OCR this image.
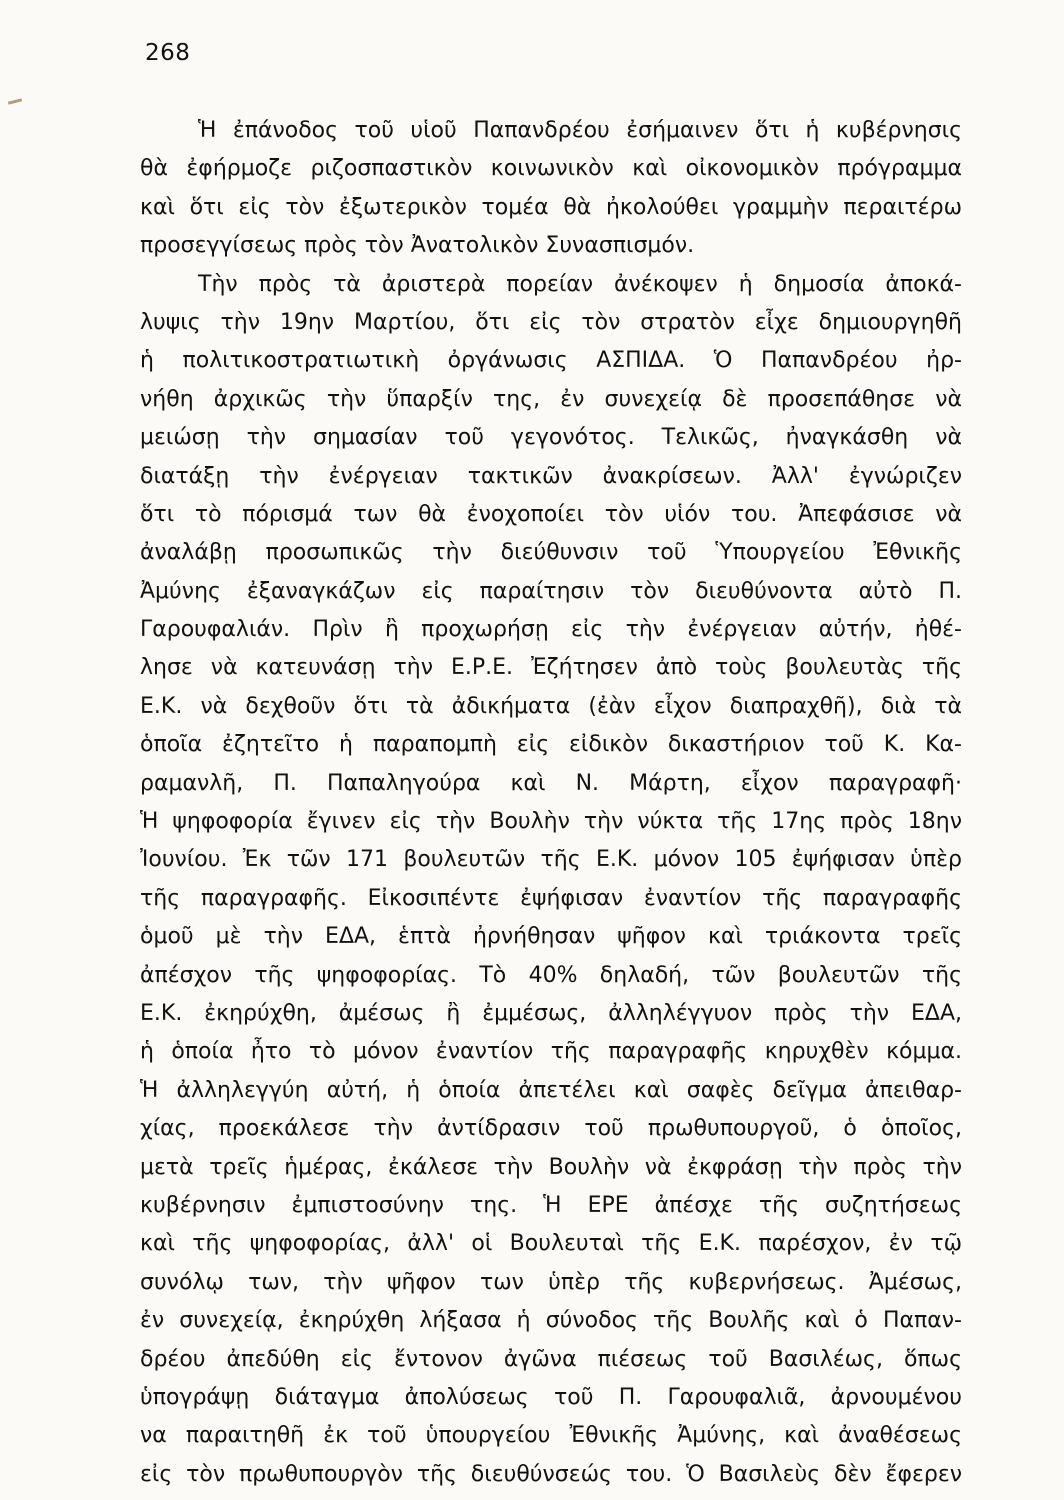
268
Ἡ ἐπάνοδος τοῦ υἱοῦ Παπανδρέου ἐσήμαινεν ὅτι ἡ κυβέρνησις
θὰ ἐφήρμοζε ριζοσπαστικὸν κοινωνικὸν καὶ οἰκονομικὸν πρόγραμμα
καὶ ὅτι εἰς τὸν ἐξωτερικὸν τομέα θὰ ἠκολούθει γραμμὴν περαιτέρω
προσεγγίσεως πρὸς τὸν Ἀνατολικὸν Συνασπισμόν.
Τὴν πρὸς τὰ ἀριστερὰ πορείαν ἀνέκοψεν ἡ δημοσία ἀποκά-
λυψις τὴν 19ην Μαρτίου, ὅτι εἰς τὸν στρατὸν εἶχε δημιουργηθῆ
ἡ πολιτικοστρατιωτικὴ ὀργάνωσις ΑΣΠΙΔΑ. Ὁ Παπανδρέου ἠρ-
νήθη ἀρχικῶς τὴν ὕπαρξίν της, ἐν συνεχείᾳ δὲ προσεπάθησε νὰ
μειώσῃ τὴν σημασίαν τοῦ γεγονότος. Τελικῶς, ἠναγκάσθη νὰ
διατάξῃ τὴν ἐνέργειαν τακτικῶν ἀνακρίσεων. Ἀλλ' ἐγνώριζεν
ὅτι τὸ πόρισμά των θὰ ἐνοχοποίει τὸν υἱόν του. Ἀπεφάσισε νὰ
ἀναλάβῃ προσωπικῶς τὴν διεύθυνσιν τοῦ Ὑπουργείου Ἐθνικῆς
Ἀμύνης ἐξαναγκάζων εἰς παραίτησιν τὸν διευθύνοντα αὐτὸ Π.
Γαρουφαλιάν. Πρὶν ἢ προχωρήσῃ εἰς τὴν ἐνέργειαν αὐτήν, ἠθέ-
λησε νὰ κατευνάσῃ τὴν Ε.Ρ.Ε. Ἐζήτησεν ἀπὸ τοὺς βουλευτὰς τῆς
Ε.Κ. νὰ δεχθοῦν ὅτι τὰ ἀδικήματα (ἐὰν εἶχον διαπραχθῆ), διὰ τὰ
ὁποῖα ἐζητεῖτο ἡ παραπομπὴ εἰς εἰδικὸν δικαστήριον τοῦ Κ. Κα-
ραμανλῆ, Π. Παπαληγούρα καὶ Ν. Μάρτη, εἶχον παραγραφῆ·
Ἡ ψηφοφορία ἔγινεν εἰς τὴν Βουλὴν τὴν νύκτα τῆς 17ης πρὸς 18ην
Ἰουνίου. Ἐκ τῶν 171 βουλευτῶν τῆς Ε.Κ. μόνον 105 ἐψήφισαν ὑπὲρ
τῆς παραγραφῆς. Εἰκοσιπέντε ἐψήφισαν ἐναντίον τῆς παραγραφῆς
ὁμοῦ μὲ τὴν ΕΔΑ, ἑπτὰ ἠρνήθησαν ψῆφον καὶ τριάκοντα τρεῖς
ἀπέσχον τῆς ψηφοφορίας. Τὸ 40% δηλαδή, τῶν βουλευτῶν τῆς
Ε.Κ. ἐκηρύχθη, ἀμέσως ἢ ἐμμέσως, ἀλληλέγγυον πρὸς τὴν ΕΔΑ,
ἡ ὁποία ἦτο τὸ μόνον ἐναντίον τῆς παραγραφῆς κηρυχθὲν κόμμα.
Ἡ ἀλληλεγγύη αὐτή, ἡ ὁποία ἀπετέλει καὶ σαφὲς δεῖγμα ἀπειθαρ-
χίας, προεκάλεσε τὴν ἀντίδρασιν τοῦ πρωθυπουργοῦ, ὁ ὁποῖος,
μετὰ τρεῖς ἡμέρας, ἐκάλεσε τὴν Βουλὴν νὰ ἐκφράσῃ τὴν πρὸς τὴν
κυβέρνησιν ἐμπιστοσύνην της. Ἡ ΕΡΕ ἀπέσχε τῆς συζητήσεως
καὶ τῆς ψηφοφορίας, ἀλλ' οἱ Βουλευταὶ τῆς Ε.Κ. παρέσχον, ἐν τῷ
συνόλῳ των, τὴν ψῆφον των ὑπὲρ τῆς κυβερνήσεως. Ἀμέσως,
ἐν συνεχείᾳ, ἐκηρύχθη λήξασα ἡ σύνοδος τῆς Βουλῆς καὶ ὁ Παπαν-
δρέου ἀπεδύθη εἰς ἔντονον ἀγῶνα πιέσεως τοῦ Βασιλέως, ὅπως
ὑπογράψῃ διάταγμα ἀπολύσεως τοῦ Π. Γαρουφαλιᾶ, ἀρνουμένου
να παραιτηθῆ ἐκ τοῦ ὑπουργείου Ἐθνικῆς Ἀμύνης, καὶ ἀναθέσεως
εἰς τὸν πρωθυπουργὸν τῆς διευθύνσεώς του. Ὁ Βασιλεὺς δὲν ἔφερεν
